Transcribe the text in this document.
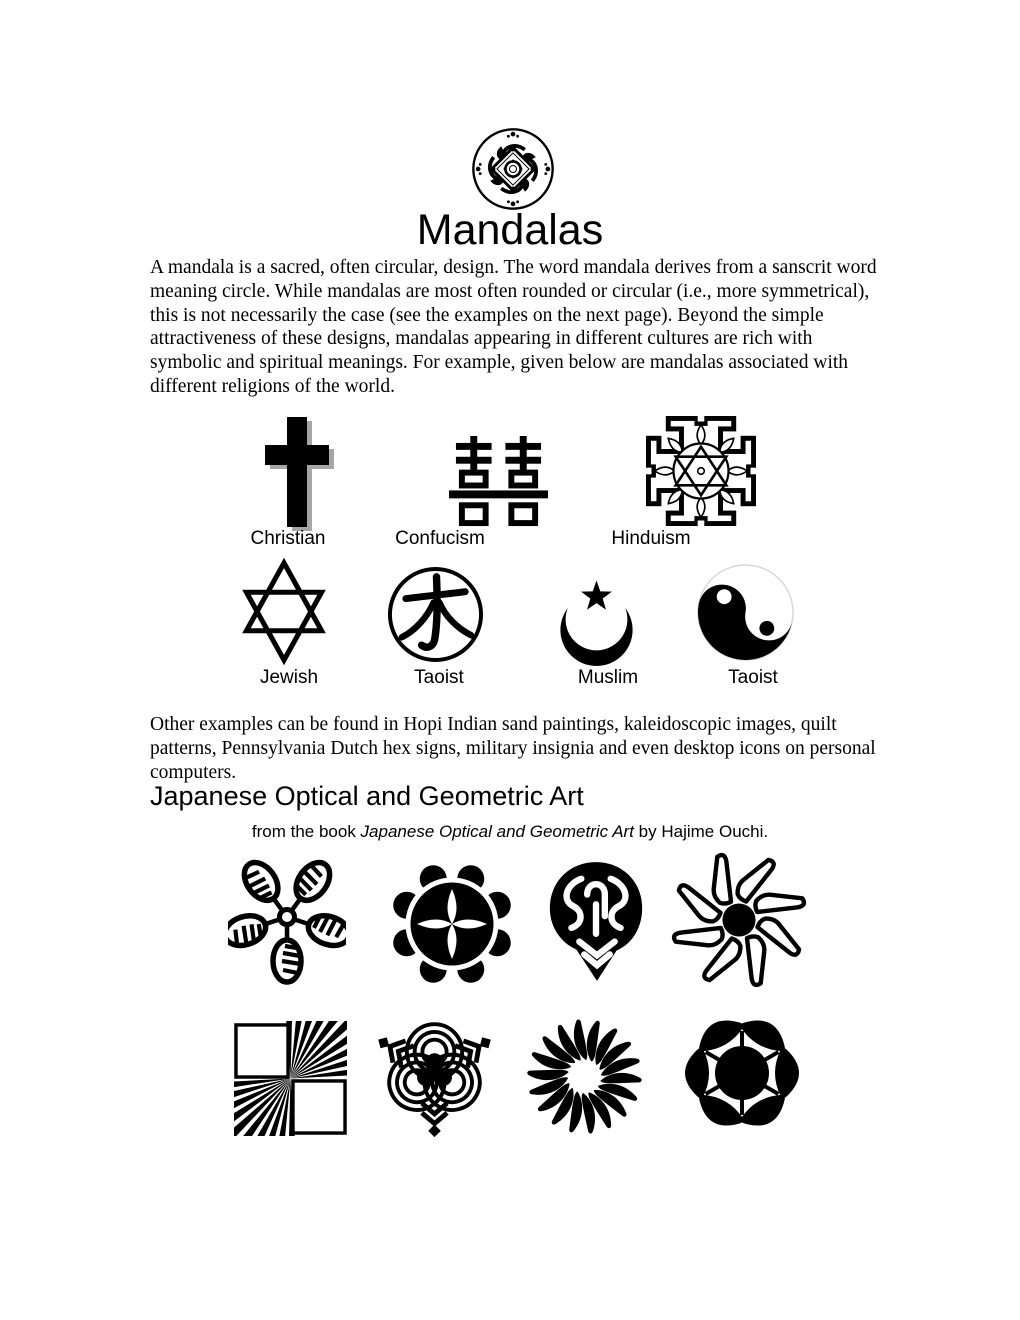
Mandalas
A mandala is a sacred, often circular, design. The word mandala derives from a sanscrit word meaning circle. While mandalas are most often rounded or circular (i.e., more symmetrical), this is not necessarily the case (see the examples on the next page). Beyond the simple attractiveness of these designs, mandalas appearing in different cultures are rich with symbolic and spiritual meanings. For example, given below are mandalas associated with different religions of the world.
Christian	Confucism	Hinduism
Jewish	Taoist	Muslim	Taoist
Other examples can be found in Hopi Indian sand paintings, kaleidoscopic images, quilt patterns, Pennsylvania Dutch hex signs, military insignia and even desktop icons on personal computers.
Japanese Optical and Geometric Art
from the book Japanese Optical and Geometric Art by Hajime Ouchi.
